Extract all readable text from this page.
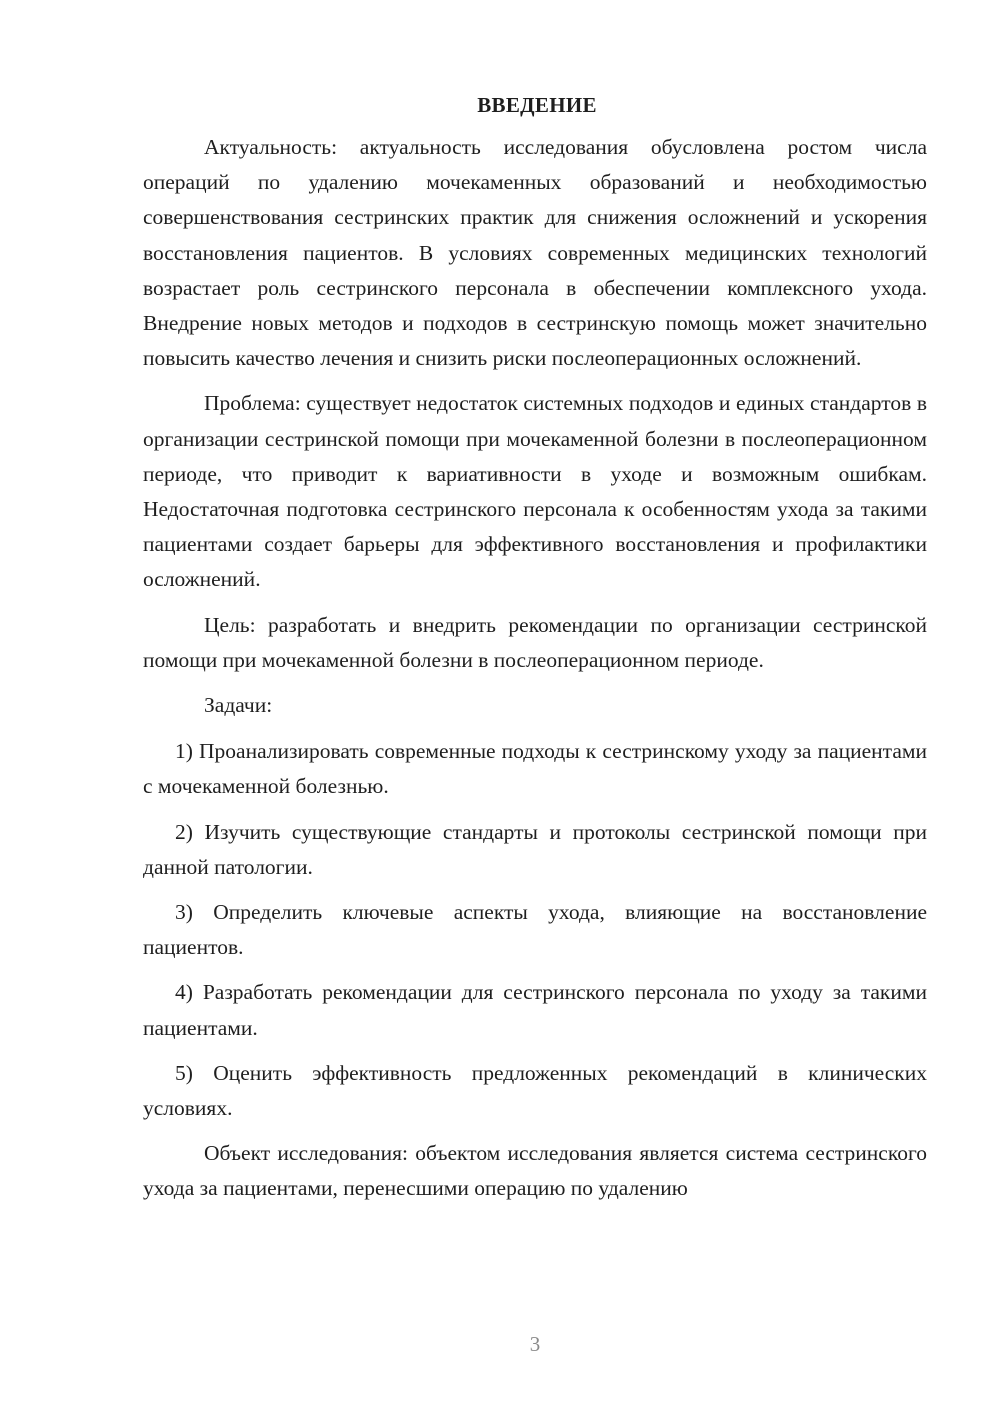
ВВЕДЕНИЕ

Актуальность: актуальность исследования обусловлена ростом числа операций по удалению мочекаменных образований и необходимостью совершенствования сестринских практик для снижения осложнений и ускорения восстановления пациентов. В условиях современных медицинских технологий возрастает роль сестринского персонала в обеспечении комплексного ухода. Внедрение новых методов и подходов в сестринскую помощь может значительно повысить качество лечения и снизить риски послеоперационных осложнений.

Проблема: существует недостаток системных подходов и единых стандартов в организации сестринской помощи при мочекаменной болезни в послеоперационном периоде, что приводит к вариативности в уходе и возможным ошибкам. Недостаточная подготовка сестринского персонала к особенностям ухода за такими пациентами создает барьеры для эффективного восстановления и профилактики осложнений.

Цель: разработать и внедрить рекомендации по организации сестринской помощи при мочекаменной болезни в послеоперационном периоде.

Задачи:

1) Проанализировать современные подходы к сестринскому уходу за пациентами с мочекаменной болезнью.

2) Изучить существующие стандарты и протоколы сестринской помощи при данной патологии.

3) Определить ключевые аспекты ухода, влияющие на восстановление пациентов.

4) Разработать рекомендации для сестринского персонала по уходу за такими пациентами.

5) Оценить эффективность предложенных рекомендаций в клинических условиях.

Объект исследования: объектом исследования является система сестринского ухода за пациентами, перенесшими операцию по удалению

3
